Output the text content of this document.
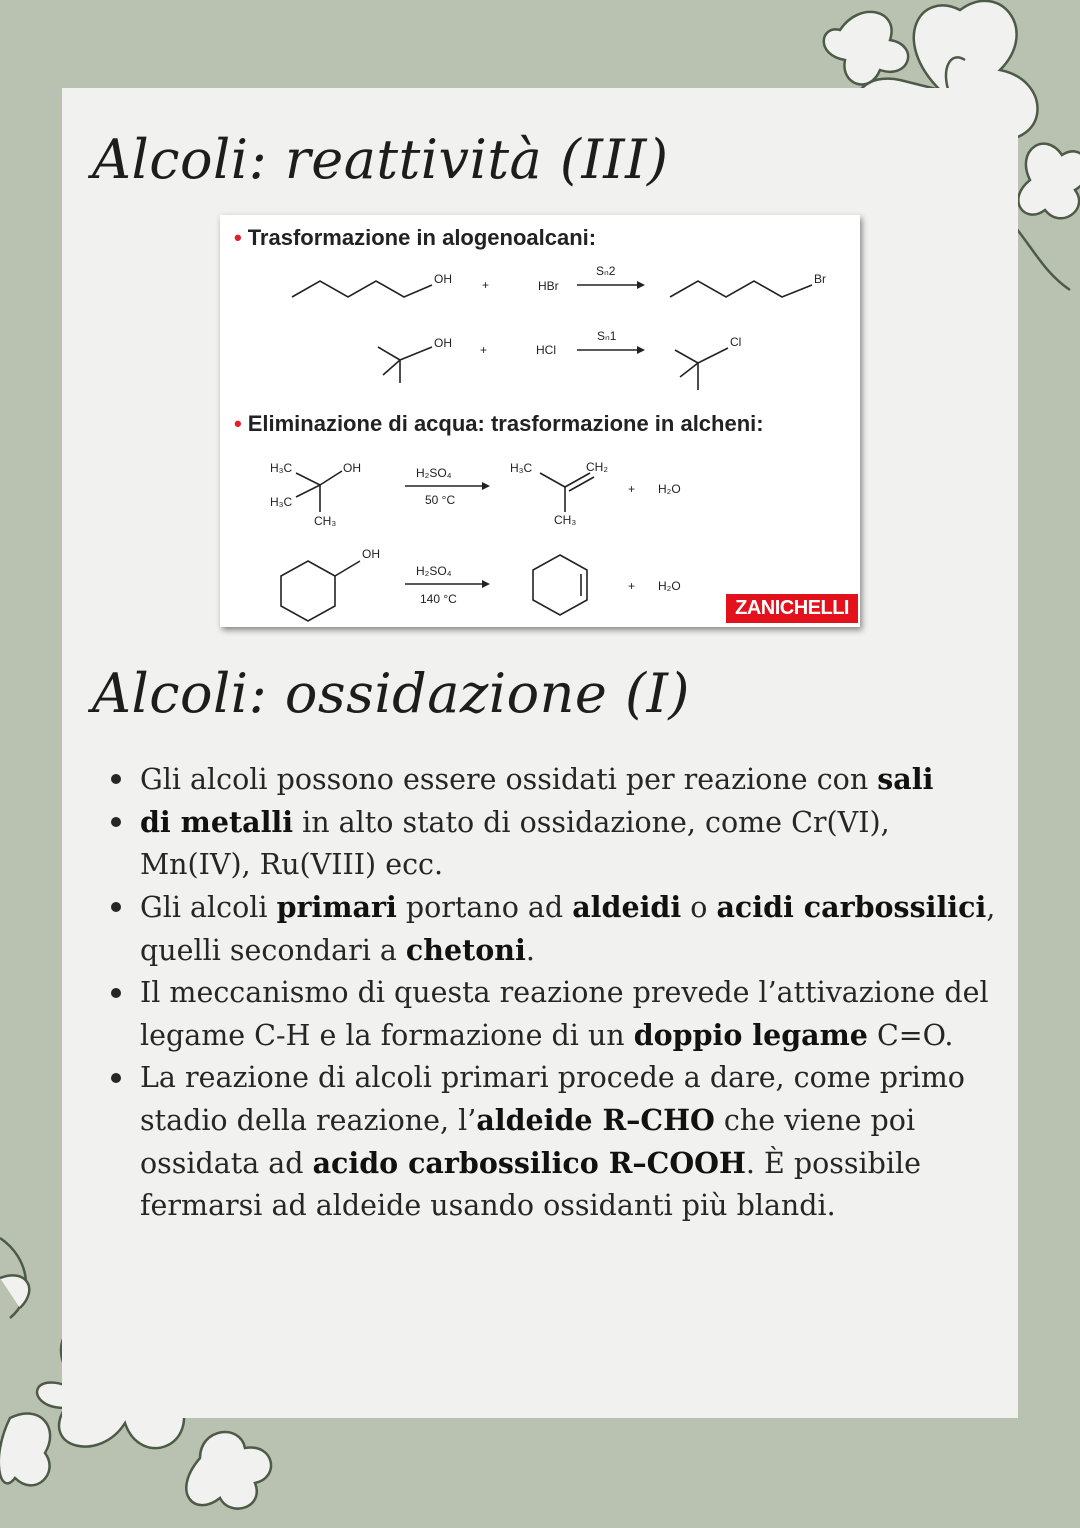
Alcoli: reattività (III)
• Trasformazione in alogenoalcani:
• Eliminazione di acqua: trasformazione in alcheni:
OH	+	HBr
Sₙ2
Br
OH +	HCl
Sₙ1	Cl
H₃C	OH
H₃C
CH₃
H₂SO₄
50 °C
H₃C	CH₂
CH₃
+ H₂O
OH
H₂SO₄
140 °C
+ H₂O
ZANICHELLI
Alcoli: ossidazione (I)
Gli alcoli possono essere ossidati per reazione con sali
di metalli in alto stato di ossidazione, come Cr(VI), Mn(IV), Ru(VIII) ecc.
Gli alcoli primari portano ad aldeidi o acidi carbossilici, quelli secondari a chetoni.
Il meccanismo di questa reazione prevede l’attivazione del legame C-H e la formazione di un doppio legame C=O.
La reazione di alcoli primari procede a dare, come primo stadio della reazione, l’aldeide R–CHO che viene poi ossidata ad acido carbossilico R–COOH. È possibile fermarsi ad aldeide usando ossidanti più blandi.
